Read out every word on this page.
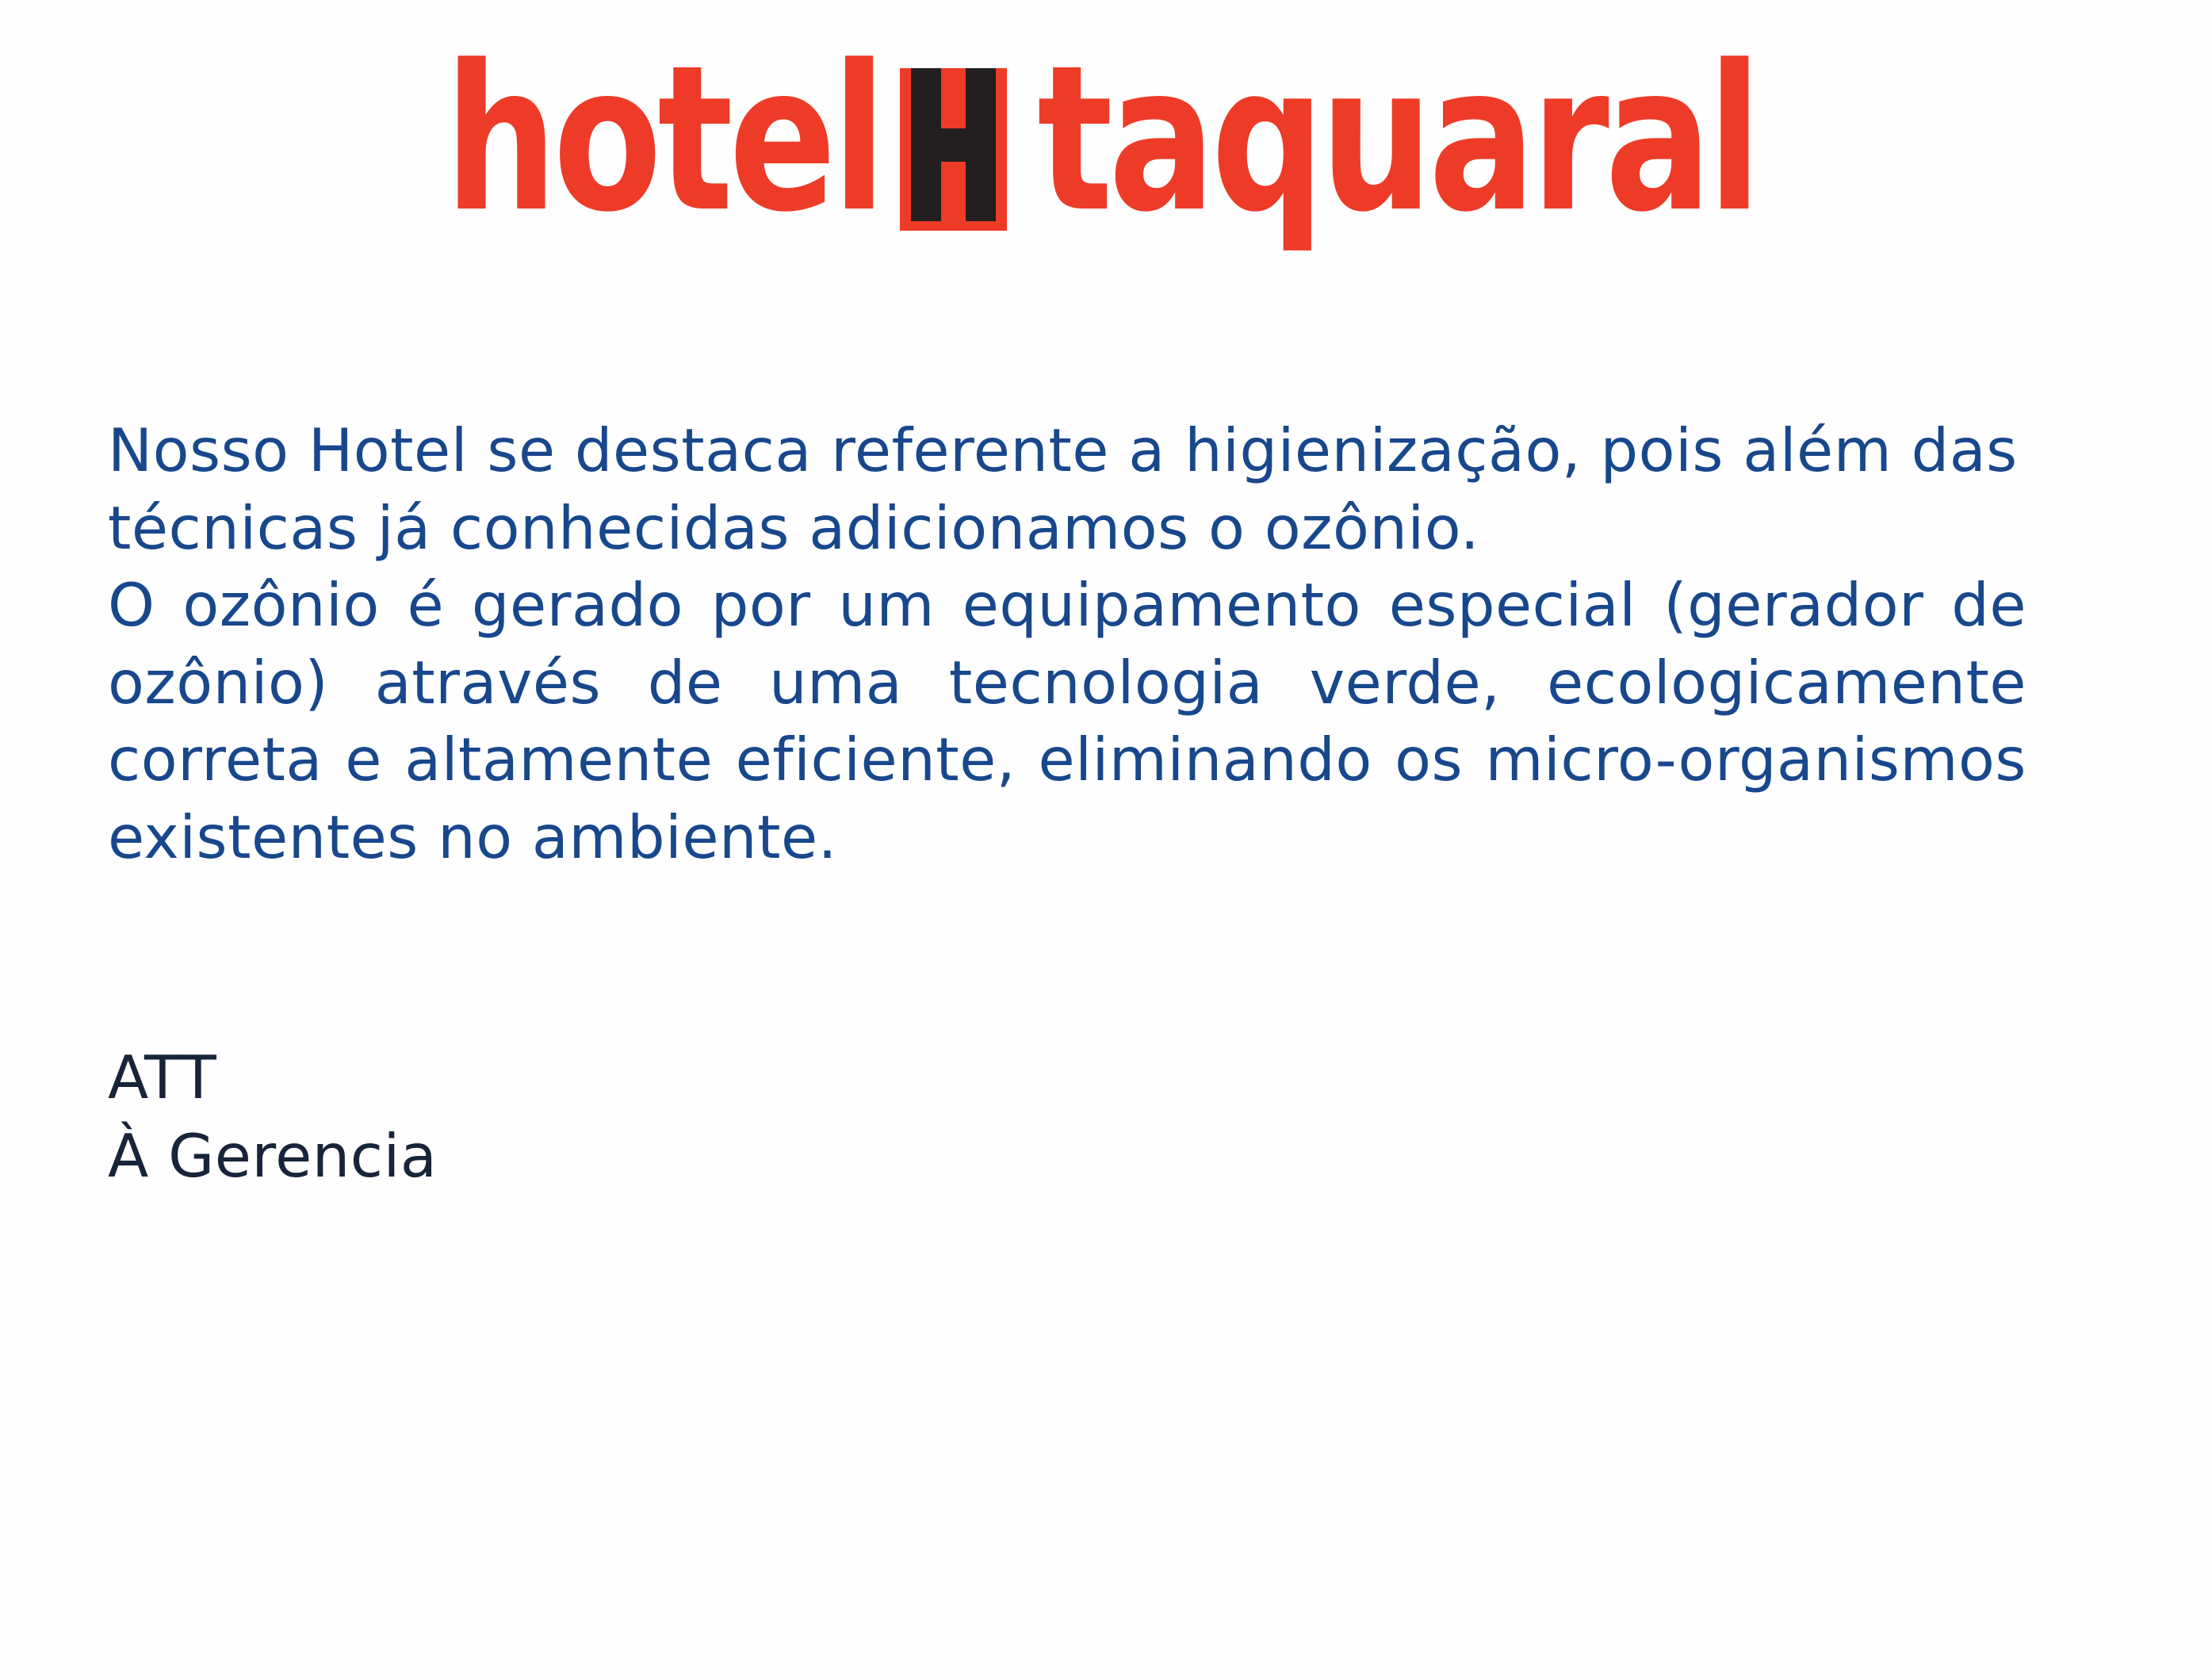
hotel taquaral

Nosso Hotel se destaca referente a higienização, pois além das técnicas já conhecidas adicionamos o ozônio.

O ozônio é gerado por um equipamento especial (gerador de ozônio) através de uma tecnologia verde, ecologicamente correta e altamente eficiente, eliminando os micro-organismos existentes no ambiente.

ATT

À Gerencia
